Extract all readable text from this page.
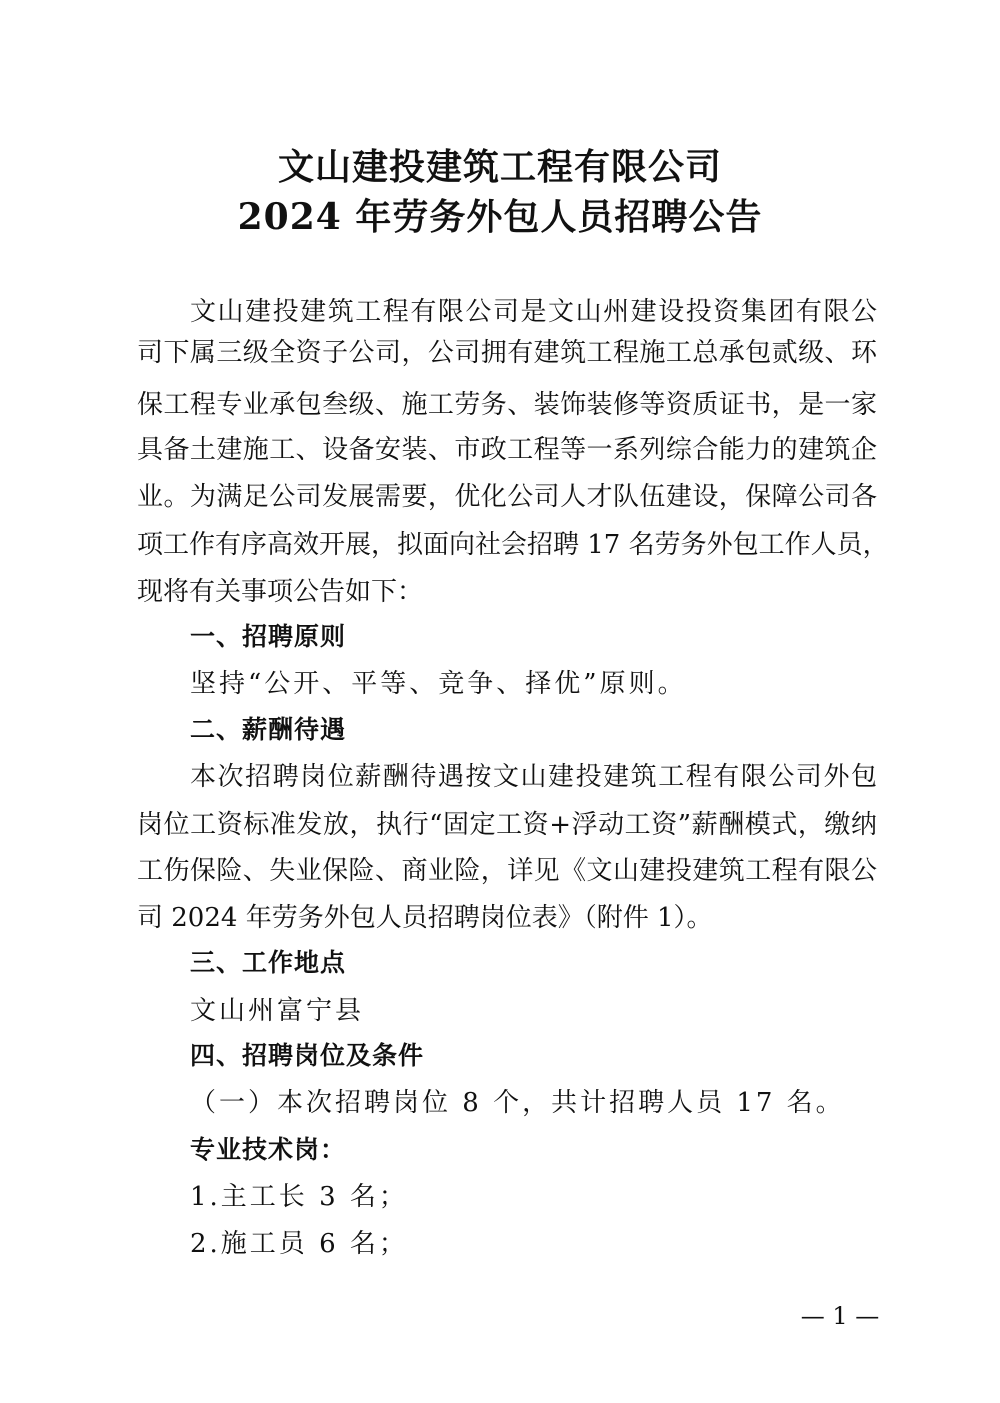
文山建投建筑工程有限公司
2024 年劳务外包人员招聘公告
文山建投建筑工程有限公司是文山州建设投资集团有限公
司下属三级全资子公司，公司拥有建筑工程施工总承包贰级、环
保工程专业承包叁级、施工劳务、装饰装修等资质证书，是一家
具备土建施工、设备安装、市政工程等一系列综合能力的建筑企
业。为满足公司发展需要，优化公司人才队伍建设，保障公司各
项工作有序高效开展，拟面向社会招聘 17 名劳务外包工作人员，
现将有关事项公告如下：
一、招聘原则
坚持“公开、平等、竞争、择优”原则。
二、薪酬待遇
本次招聘岗位薪酬待遇按文山建投建筑工程有限公司外包
岗位工资标准发放，执行“固定工资+浮动工资”薪酬模式，缴纳
工伤保险、失业保险、商业险，详见《文山建投建筑工程有限公
司 2024 年劳务外包人员招聘岗位表》（附件 1）。
三、工作地点
文山州富宁县
四、招聘岗位及条件
（一）本次招聘岗位 8 个，共计招聘人员 17 名。
专业技术岗：
1.主工长 3 名；
2.施工员 6 名；
— 1 —
